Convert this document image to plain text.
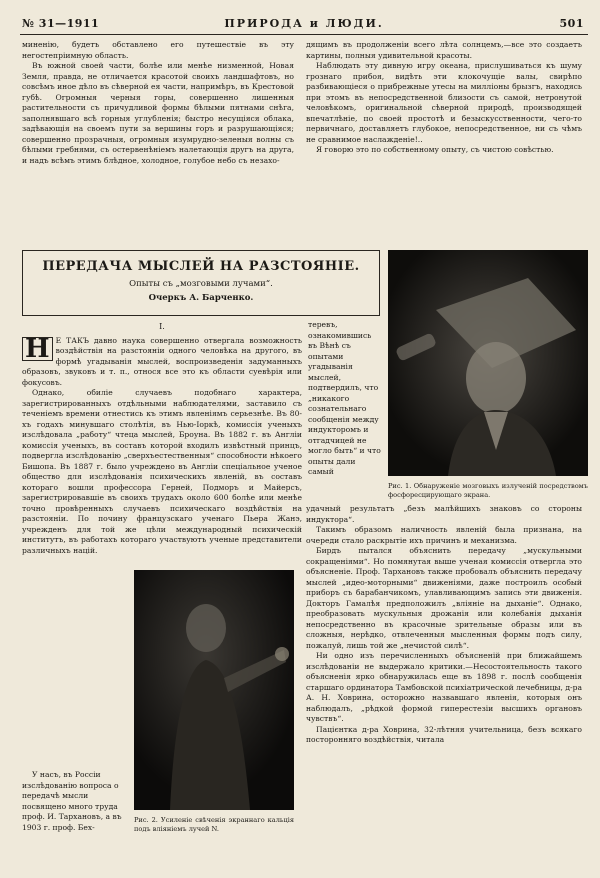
№ 31—1911	ПРИРОДА и ЛЮДИ.	501

миненію, будетъ обставлено его путешествіе въ эту негостепріимную область.

Въ южной своей части, болѣе или менѣе низменной, Новая Земля, правда, не отличается красотой своихъ ландшафтовъ, но совсѣмъ иное дѣло въ сѣверной ея части, напримѣръ, въ Крестовой губѣ. Огромныя черныя горы, совершенно лишенныя растительности съ причудливой формы бѣлыми пятнами снѣга, заполнявшаго всѣ горныя углубленія; быстро несущіяся облака, задѣвающія на своемъ пути за вершины горъ и разрушающіяся; совершенно прозрачныя, огромныя изумрудно-зеленыя волны съ бѣлыми гребнями, съ остервенѣніемъ налетающія другъ на друга, и надъ всѣмъ этимъ блѣдное, холодное, голубое небо съ незахо-

дящимъ въ продолженіи всего лѣта солнцемъ,—все это создаетъ картины, полныя удивительной красоты.

Наблюдать эту дивную игру океана, прислушиваться къ шуму грознаго прибоя, видѣть эти клокочущіе валы, свирѣпо разбивающіеся о прибрежные утесы на милліоны брызгъ, находясь при этомъ въ непосредственной близости съ самой, нетронутой человѣкомъ, оригинальной сѣверной природѣ, производящей впечатлѣніе, по своей простотѣ и безыскусственности, чего-то первичнаго, доставляетъ глубокое, непосредственное, ни съ чѣмъ не сравнимое наслажденіе!..

Я говорю это по собственному опыту, съ чистою совѣстью.

ПЕРЕДАЧА МЫСЛЕЙ НА РАЗСТОЯНІЕ.
Опыты съ „мозговыми лучами“.
Очеркъ А. Барченко.
Рис. 1. Обнаруженіе мозговыхъ излученій посредствомъ фосфоресцирующаго экрана.
I.

Н Е ТАКЪ давно наука совершенно отвергала возможность воздѣйствія на разстояніи одного человѣка на другого, въ формѣ угадыванія мыслей, воспроизведенія задуманныхъ образовъ, звуковъ и т. п., относя все это къ области суевѣрія или фокусовъ.

Однако, обиліе случаевъ подобнаго характера, зарегистрированныхъ отдѣльными наблюдателями, заставило съ теченіемъ времени отнестись къ этимъ явленіямъ серьезнѣе. Въ 80-хъ годахъ минувшаго столѣтія, въ Нью-Іоркѣ, комиссія ученыхъ изслѣдовала „работу“ чтеца мыслей, Броуна. Въ 1882 г. въ Англіи комиссія ученыхъ, въ составъ которой входилъ извѣстный принцъ, подвергла изслѣдованію „сверхъестественныя“ способности нѣкоего Бишопа. Въ 1887 г. было учреждено въ Англіи спеціальное ученое общество для изслѣдованія психическихъ явленій, въ составъ котораго вошли профессора Герней, Подморъ и Майерсъ, зарегистрировавшіе въ своихъ трудахъ около 600 болѣе или менѣе точно провѣренныхъ случаевъ психическаго воздѣйствія на разстояніи. По почину французскаго ученаго Пьера Жанэ, учрежденъ для той же цѣли международный психическій институтъ, въ работахъ котораго участвуютъ ученые представители различныхъ націй.

теревъ, ознакомившись въ Вѣнѣ съ опытами угадыванія мыслей, подтвердилъ, что „никакого сознательнаго сообщенія между индукторомъ и отгадчицей не могло быть“ и что опыты дали самый

У насъ, въ Россіи изслѣдованію вопроса о передачѣ мысли посвящено много труда проф. И. Тархановъ, а въ 1903 г. проф. Бех-

Рис. 2. Усиленіе свѣченія экраннаго кальція подъ вліяніемъ лучей N.

удачный результатъ „безъ малѣйшихъ знаковъ со стороны индуктора“.

Такимъ образомъ наличность явленій была признана, на очереди стало раскрытіе ихъ причинъ и механизма.

Бирдъ пытался объяснить передачу „мускульными сокращеніями“. Но помянутая выше ученая комиссія отвергла это объясненіе. Проф. Тархановъ также пробовалъ объяснить передачу мыслей „идео-моторными“ движеніями, даже построилъ особый приборъ съ барабанчикомъ, улавливающимъ запись эти движенія. Докторъ Гамалѣя предположилъ „вліяніе на дыханіе“. Однако, преобразовать мускульныя дрожанія или колебанія дыханія непосредственно въ красочные зрительные образы или въ сложныя, нерѣдко, отвлеченныя мысленныя формы подъ силу, пожалуй, лишь той же „нечистой силѣ“.

Ни одно изъ перечисленныхъ объясненій при ближайшемъ изслѣдованіи не выдержало критики.—Несостоятельность такого объясненія ярко обнаружилась еще въ 1898 г. послѣ сообщенія старшаго ординатора Тамбовской психіатрической лечебницы, д-ра А. Н. Ховрина, осторожно назвавшаго явленія, которыя онъ наблюдалъ, „рѣдкой формой гиперестезіи высшихъ органовъ чувствъ“.

Пацієнтка д-ра Ховрина, 32-лѣтняя учительница, безъ всякаго посторонняго воздѣйствія, читала
